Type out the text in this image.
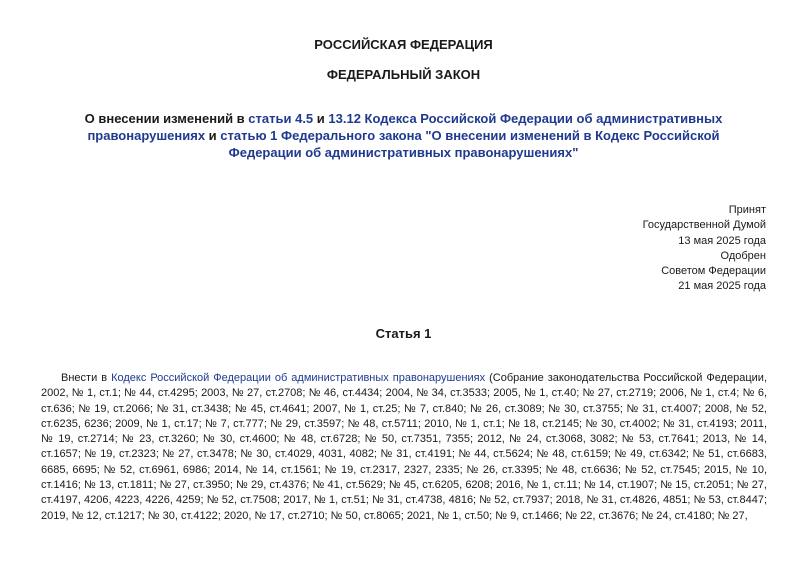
РОССИЙСКАЯ ФЕДЕРАЦИЯ
ФЕДЕРАЛЬНЫЙ ЗАКОН
О внесении изменений в статьи 4.5 и 13.12 Кодекса Российской Федерации об административных правонарушениях и статью 1 Федерального закона "О внесении изменений в Кодекс Российской Федерации об административных правонарушениях"
Принят
Государственной Думой
13 мая 2025 года
Одобрен
Советом Федерации
21 мая 2025 года
Статья 1
Внести в Кодекс Российской Федерации об административных правонарушениях (Собрание законодательства Российской Федерации, 2002, № 1, ст.1; № 44, ст.4295; 2003, № 27, ст.2708; № 46, ст.4434; 2004, № 34, ст.3533; 2005, № 1, ст.40; № 27, ст.2719; 2006, № 1, ст.4; № 6, ст.636; № 19, ст.2066; № 31, ст.3438; № 45, ст.4641; 2007, № 1, ст.25; № 7, ст.840; № 26, ст.3089; № 30, ст.3755; № 31, ст.4007; 2008, № 52, ст.6235, 6236; 2009, № 1, ст.17; № 7, ст.777; № 29, ст.3597; № 48, ст.5711; 2010, № 1, ст.1; № 18, ст.2145; № 30, ст.4002; № 31, ст.4193; 2011, № 19, ст.2714; № 23, ст.3260; № 30, ст.4600; № 48, ст.6728; № 50, ст.7351, 7355; 2012, № 24, ст.3068, 3082; № 53, ст.7641; 2013, № 14, ст.1657; № 19, ст.2323; № 27, ст.3478; № 30, ст.4029, 4031, 4082; № 31, ст.4191; № 44, ст.5624; № 48, ст.6159; № 49, ст.6342; № 51, ст.6683, 6685, 6695; № 52, ст.6961, 6986; 2014, № 14, ст.1561; № 19, ст.2317, 2327, 2335; № 26, ст.3395; № 48, ст.6636; № 52, ст.7545; 2015, № 10, ст.1416; № 13, ст.1811; № 27, ст.3950; № 29, ст.4376; № 41, ст.5629; № 45, ст.6205, 6208; 2016, № 1, ст.11; № 14, ст.1907; № 15, ст.2051; № 27, ст.4197, 4206, 4223, 4226, 4259; № 52, ст.7508; 2017, № 1, ст.51; № 31, ст.4738, 4816; № 52, ст.7937; 2018, № 31, ст.4826, 4851; № 53, ст.8447; 2019, № 12, ст.1217; № 30, ст.4122; 2020, № 17, ст.2710; № 50, ст.8065; 2021, № 1, ст.50; № 9, ст.1466; № 22, ст.3676; № 24, ст.4180; № 27,
